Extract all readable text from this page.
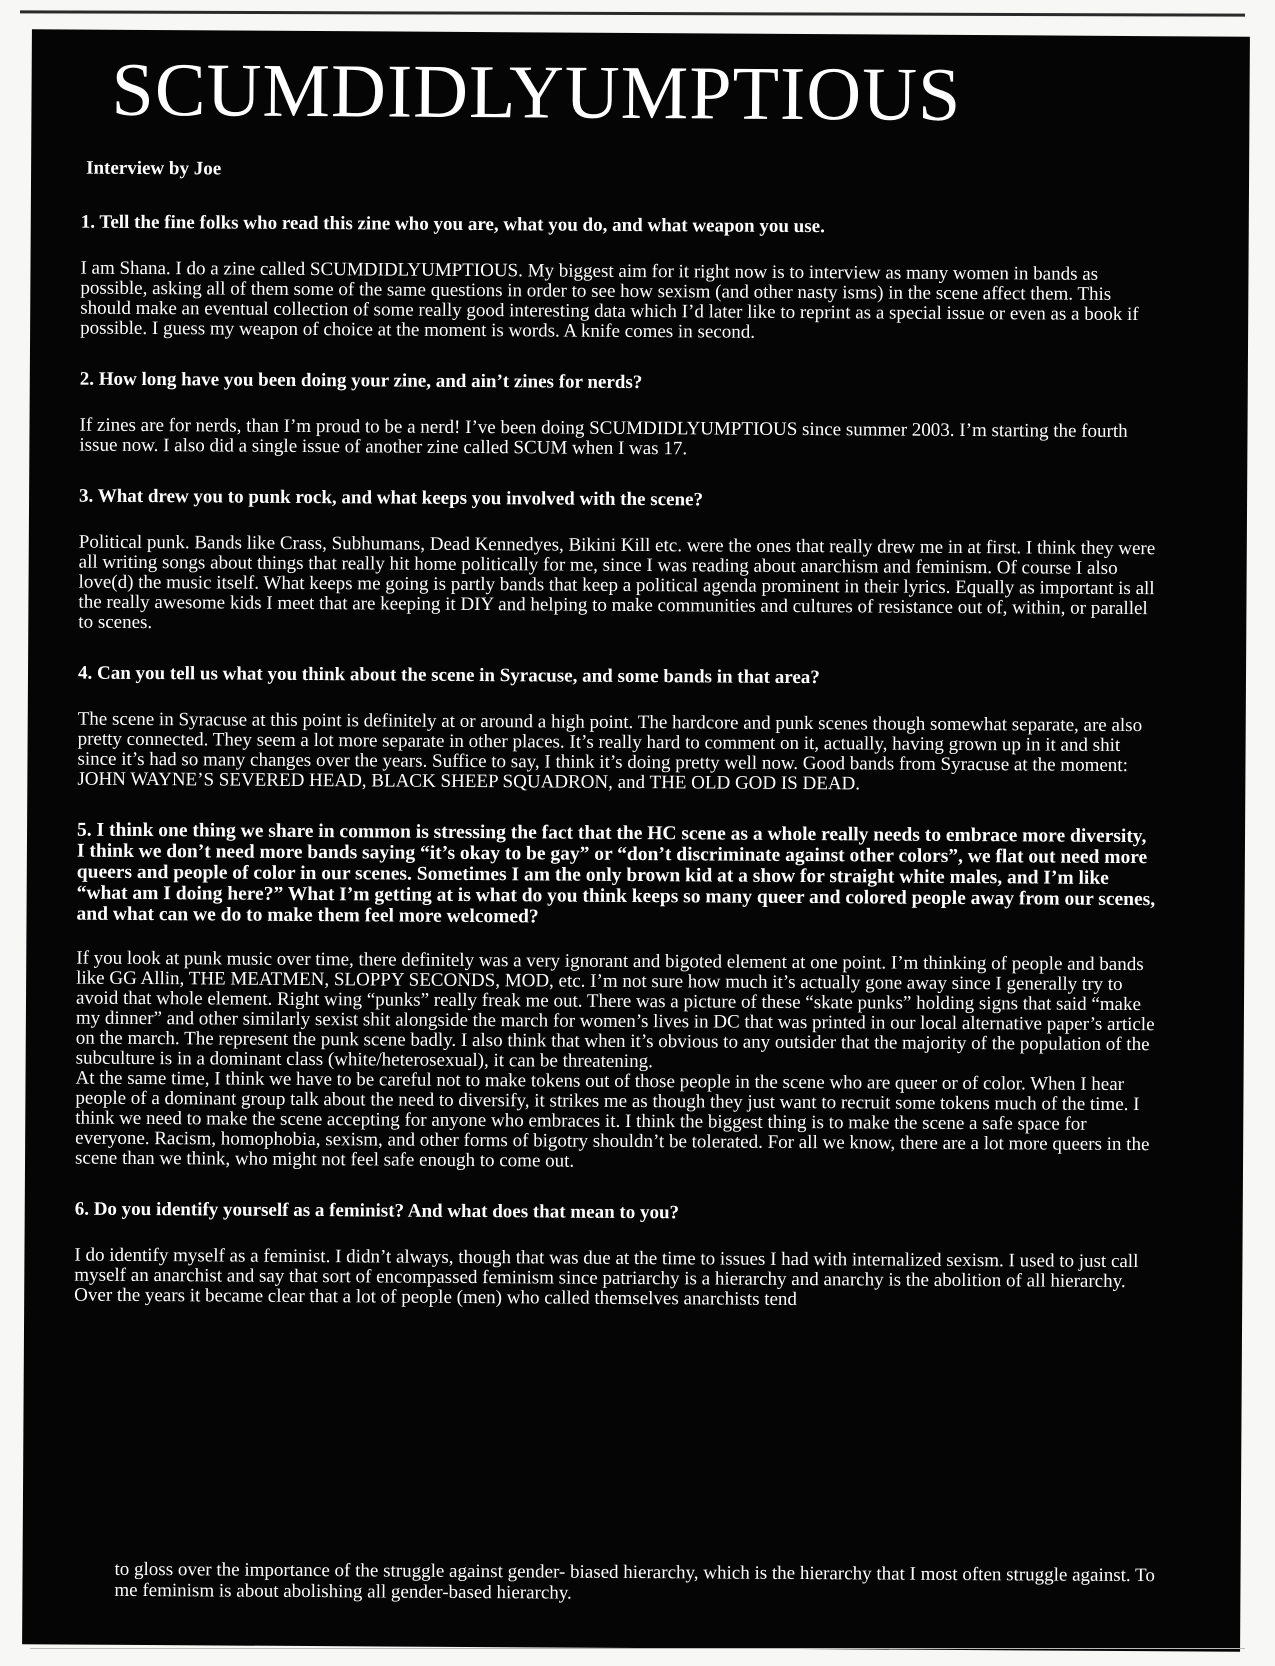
SCUMDIDLYUMPTIOUS
Interview by Joe

1. Tell the fine folks who read this zine who you are, what you do, and what weapon you use.

I am Shana. I do a zine called SCUMDIDLYUMPTIOUS. My biggest aim for it right now is to interview as many women in bands as possible, asking all of them some of the same questions in order to see how sexism (and other nasty isms) in the scene affect them. This should make an eventual collection of some really good interesting data which I’d later like to reprint as a special issue or even as a book if possible. I guess my weapon of choice at the moment is words. A knife comes in second.

2. How long have you been doing your zine, and ain’t zines for nerds?

If zines are for nerds, than I’m proud to be a nerd! I’ve been doing SCUMDIDLYUMPTIOUS since summer 2003. I’m starting the fourth issue now. I also did a single issue of another zine called SCUM when I was 17.

3. What drew you to punk rock, and what keeps you involved with the scene?

Political punk. Bands like Crass, Subhumans, Dead Kennedyes, Bikini Kill etc. were the ones that really drew me in at first. I think they were all writing songs about things that really hit home politically for me, since I was reading about anarchism and feminism. Of course I also love(d) the music itself. What keeps me going is partly bands that keep a political agenda prominent in their lyrics. Equally as important is all the really awesome kids I meet that are keeping it DIY and helping to make communities and cultures of resistance out of, within, or parallel to scenes.

4. Can you tell us what you think about the scene in Syracuse, and some bands in that area?

The scene in Syracuse at this point is definitely at or around a high point. The hardcore and punk scenes though somewhat separate, are also pretty connected. They seem a lot more separate in other places. It’s really hard to comment on it, actually, having grown up in it and shit since it’s had so many changes over the years. Suffice to say, I think it’s doing pretty well now. Good bands from Syracuse at the moment: JOHN WAYNE’S SEVERED HEAD, BLACK SHEEP SQUADRON, and THE OLD GOD IS DEAD.

5. I think one thing we share in common is stressing the fact that the HC scene as a whole really needs to embrace more diversity, I think we don’t need more bands saying “it’s okay to be gay” or “don’t discriminate against other colors”, we flat out need more queers and people of color in our scenes. Sometimes I am the only brown kid at a show for straight white males, and I’m like “what am I doing here?” What I’m getting at is what do you think keeps so many queer and colored people away from our scenes, and what can we do to make them feel more welcomed?

If you look at punk music over time, there definitely was a very ignorant and bigoted element at one point. I’m thinking of people and bands like GG Allin, THE MEATMEN, SLOPPY SECONDS, MOD, etc. I’m not sure how much it’s actually gone away since I generally try to avoid that whole element. Right wing “punks” really freak me out. There was a picture of these “skate punks” holding signs that said “make my dinner” and other similarly sexist shit alongside the march for women’s lives in DC that was printed in our local alternative paper’s article on the march. The represent the punk scene badly. I also think that when it’s obvious to any outsider that the majority of the population of the subculture is in a dominant class (white/heterosexual), it can be threatening.

At the same time, I think we have to be careful not to make tokens out of those people in the scene who are queer or of color. When I hear people of a dominant group talk about the need to diversify, it strikes me as though they just want to recruit some tokens much of the time. I think we need to make the scene accepting for anyone who embraces it. I think the biggest thing is to make the scene a safe space for everyone. Racism, homophobia, sexism, and other forms of bigotry shouldn’t be tolerated. For all we know, there are a lot more queers in the scene than we think, who might not feel safe enough to come out.

6. Do you identify yourself as a feminist? And what does that mean to you?

I do identify myself as a feminist. I didn’t always, though that was due at the time to issues I had with internalized sexism. I used to just call myself an anarchist and say that sort of encompassed feminism since patriarchy is a hierarchy and anarchy is the abolition of all hierarchy. Over the years it became clear that a lot of people (men) who called themselves anarchists tend

to gloss over the importance of the struggle against gender- biased hierarchy, which is the hierarchy that I most often struggle against. To me feminism is about abolishing all gender-based hierarchy.
